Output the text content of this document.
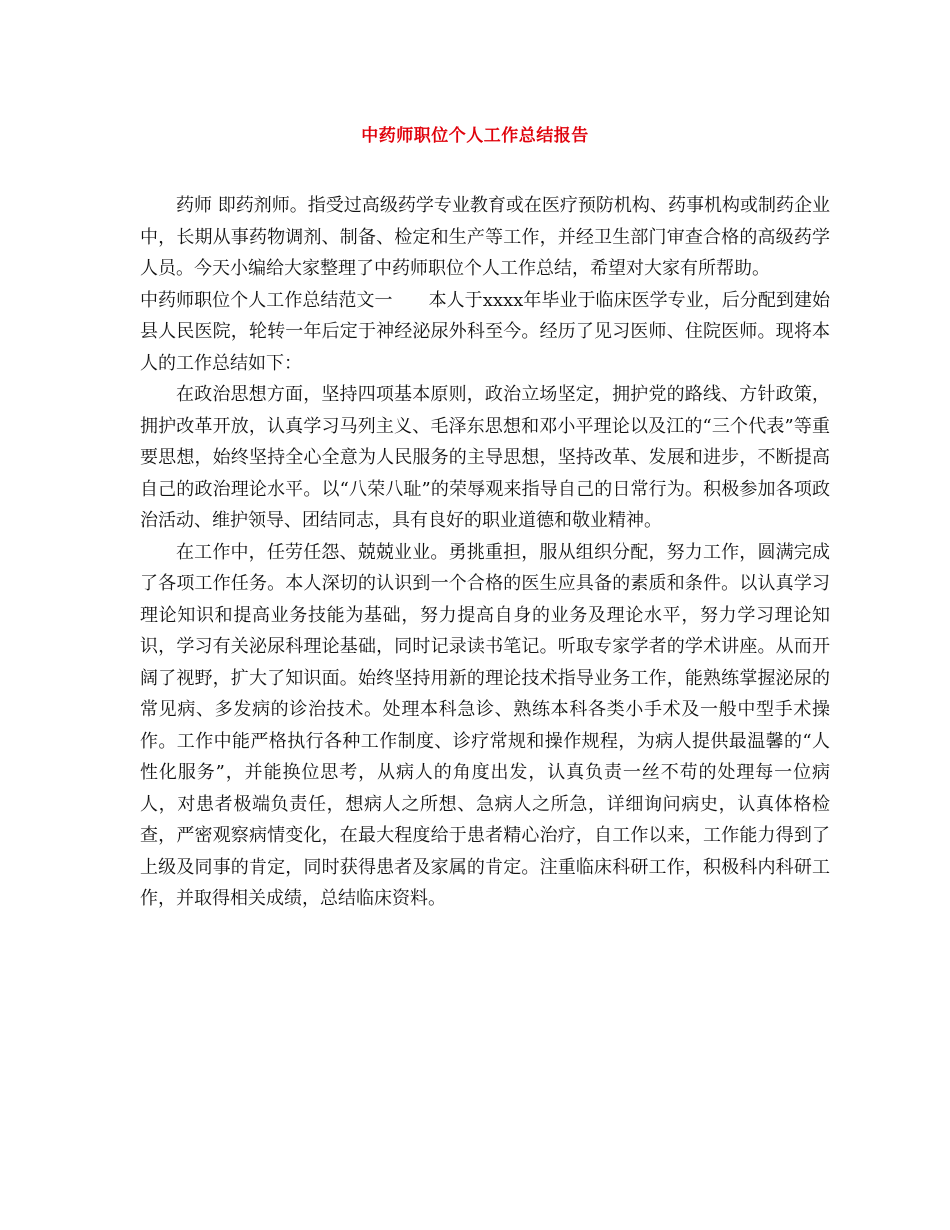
中药师职位个人工作总结报告

药师 即药剂师。指受过高级药学专业教育或在医疗预防机构、药事机构或制药企业中，长期从事药物调剂、制备、检定和生产等工作，并经卫生部门审查合格的高级药学人员。今天小编给大家整理了中药师职位个人工作总结，希望对大家有所帮助。

中药师职位个人工作总结范文一 本人于xxxx年毕业于临床医学专业，后分配到建始县人民医院，轮转一年后定于神经泌尿外科至今。经历了见习医师、住院医师。现将本人的工作总结如下：

在政治思想方面，坚持四项基本原则，政治立场坚定，拥护党的路线、方针政策，拥护改革开放，认真学习马列主义、毛泽东思想和邓小平理论以及江的“三个代表”等重要思想，始终坚持全心全意为人民服务的主导思想，坚持改革、发展和进步，不断提高自己的政治理论水平。以“八荣八耻”的荣辱观来指导自己的日常行为。积极参加各项政治活动、维护领导、团结同志，具有良好的职业道德和敬业精神。

在工作中，任劳任怨、兢兢业业。勇挑重担，服从组织分配，努力工作，圆满完成了各项工作任务。本人深切的认识到一个合格的医生应具备的素质和条件。以认真学习理论知识和提高业务技能为基础，努力提高自身的业务及理论水平，努力学习理论知识，学习有关泌尿科理论基础，同时记录读书笔记。听取专家学者的学术讲座。从而开阔了视野，扩大了知识面。始终坚持用新的理论技术指导业务工作，能熟练掌握泌尿的常见病、多发病的诊治技术。处理本科急诊、熟练本科各类小手术及一般中型手术操作。工作中能严格执行各种工作制度、诊疗常规和操作规程，为病人提供最温馨的“人性化服务”，并能换位思考，从病人的角度出发，认真负责一丝不苟的处理每一位病人，对患者极端负责任，想病人之所想、急病人之所急，详细询问病史，认真体格检查，严密观察病情变化，在最大程度给于患者精心治疗，自工作以来，工作能力得到了上级及同事的肯定，同时获得患者及家属的肯定。注重临床科研工作，积极科内科研工作，并取得相关成绩，总结临床资料。
